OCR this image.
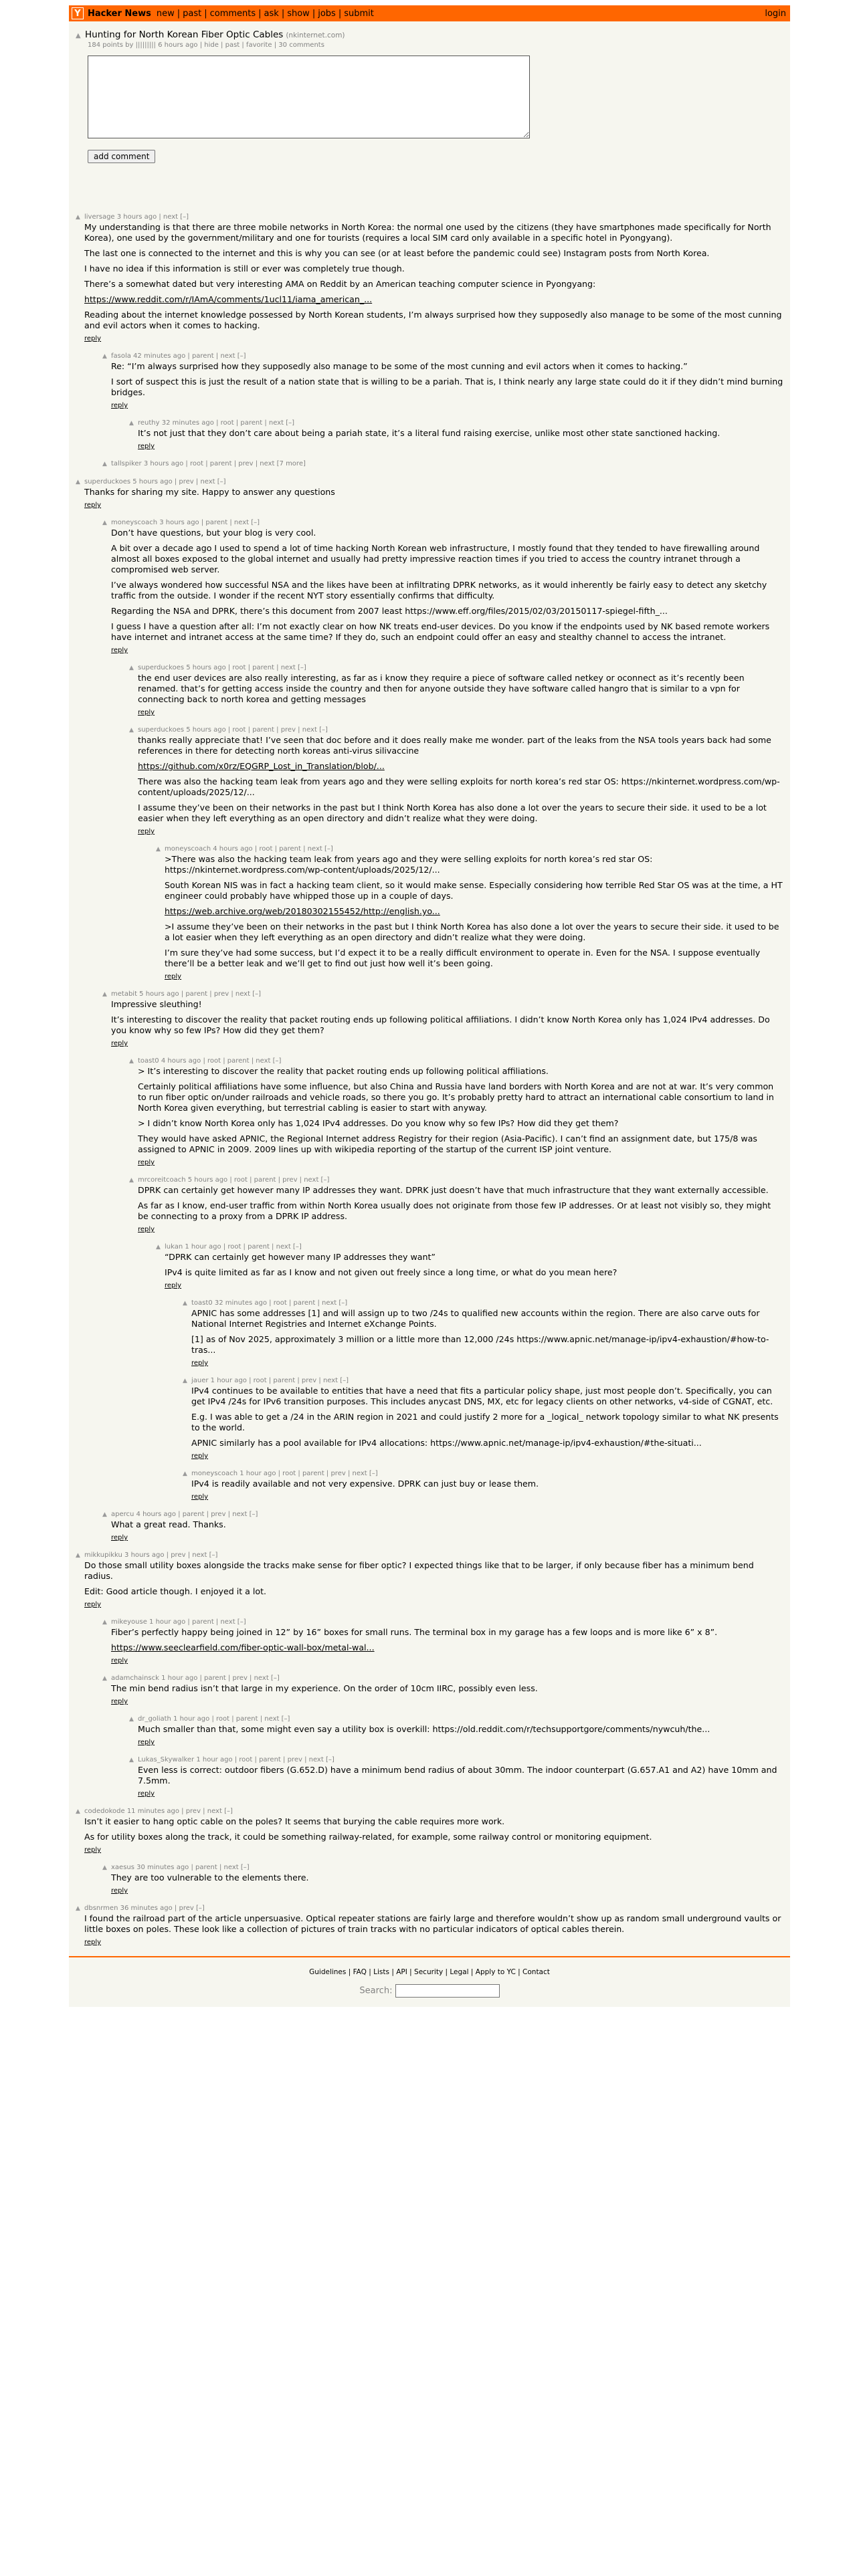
Y Hacker News new | past | comments | ask | show | jobs | submit	login
▲ Hunting for North Korean Fiber Optic Cables (nkinternet.com)
184 points by ||||||||| 6 hours ago | hide | past | favorite | 30 comments
add comment
▲ liversage 3 hours ago | next [–]

My understanding is that there are three mobile networks in North Korea: the normal one used by the citizens (they have smartphones made specifically for North Korea), one used by the government/military and one for tourists (requires a local SIM card only available in a specific hotel in Pyongyang).

The last one is connected to the internet and this is why you can see (or at least before the pandemic could see) Instagram posts from North Korea.

I have no idea if this information is still or ever was completely true though.

There’s a somewhat dated but very interesting AMA on Reddit by an American teaching computer science in Pyongyang:

https://www.reddit.com/r/IAmA/comments/1ucl11/iama_american_...

Reading about the internet knowledge possessed by North Korean students, I’m always surprised how they supposedly also manage to be some of the most cunning and evil actors when it comes to hacking.

reply
▲ fasola 42 minutes ago | parent | next [–]

Re: “I’m always surprised how they supposedly also manage to be some of the most cunning and evil actors when it comes to hacking.”

I sort of suspect this is just the result of a nation state that is willing to be a pariah. That is, I think nearly any large state could do it if they didn’t mind burning bridges.

reply
▲ reuthy 32 minutes ago | root | parent | next [–]

It’s not just that they don’t care about being a pariah state, it’s a literal fund raising exercise, unlike most other state sanctioned hacking.

reply
▲ tallspiker 3 hours ago | root | parent | prev | next [7 more]
▲ superduckoes 5 hours ago | prev | next [–]

Thanks for sharing my site. Happy to answer any questions

reply
▲ moneyscoach 3 hours ago | parent | next [–]

Don’t have questions, but your blog is very cool.

A bit over a decade ago I used to spend a lot of time hacking North Korean web infrastructure, I mostly found that they tended to have firewalling around almost all boxes exposed to the global internet and usually had pretty impressive reaction times if you tried to access the country intranet through a compromised web server.

I’ve always wondered how successful NSA and the likes have been at infiltrating DPRK networks, as it would inherently be fairly easy to detect any sketchy traffic from the outside. I wonder if the recent NYT story essentially confirms that difficulty.

Regarding the NSA and DPRK, there’s this document from 2007 least https://www.eff.org/files/2015/02/03/20150117-spiegel-fifth_...

I guess I have a question after all: I’m not exactly clear on how NK treats end-user devices. Do you know if the endpoints used by NK based remote workers have internet and intranet access at the same time? If they do, such an endpoint could offer an easy and stealthy channel to access the intranet.

reply
▲ superduckoes 5 hours ago | root | parent | next [–]

the end user devices are also really interesting, as far as i know they require a piece of software called netkey or oconnect as it’s recently been renamed. that’s for getting access inside the country and then for anyone outside they have software called hangro that is similar to a vpn for connecting back to north korea and getting messages

reply
▲ superduckoes 5 hours ago | root | parent | prev | next [–]

thanks really appreciate that! I’ve seen that doc before and it does really make me wonder. part of the leaks from the NSA tools years back had some references in there for detecting north koreas anti-virus silivaccine

https://github.com/x0rz/EQGRP_Lost_in_Translation/blob/...

There was also the hacking team leak from years ago and they were selling exploits for north korea’s red star OS: https://nkinternet.wordpress.com/wp-content/uploads/2025/12/...

I assume they’ve been on their networks in the past but I think North Korea has also done a lot over the years to secure their side. it used to be a lot easier when they left everything as an open directory and didn’t realize what they were doing.

reply
▲ moneyscoach 4 hours ago | root | parent | next [–]

>There was also the hacking team leak from years ago and they were selling exploits for north korea’s red star OS: https://nkinternet.wordpress.com/wp-content/uploads/2025/12/...

South Korean NIS was in fact a hacking team client, so it would make sense. Especially considering how terrible Red Star OS was at the time, a HT engineer could probably have whipped those up in a couple of days.

https://web.archive.org/web/20180302155452/http://english.yo...

>I assume they’ve been on their networks in the past but I think North Korea has also done a lot over the years to secure their side. it used to be a lot easier when they left everything as an open directory and didn’t realize what they were doing.

I’m sure they’ve had some success, but I’d expect it to be a really difficult environment to operate in. Even for the NSA. I suppose eventually there’ll be a better leak and we’ll get to find out just how well it’s been going.

reply
▲ metabit 5 hours ago | parent | prev | next [–]

Impressive sleuthing!

It’s interesting to discover the reality that packet routing ends up following political affiliations. I didn’t know North Korea only has 1,024 IPv4 addresses. Do you know why so few IPs? How did they get them?

reply
▲ toast0 4 hours ago | root | parent | next [–]

> It’s interesting to discover the reality that packet routing ends up following political affiliations.

Certainly political affiliations have some influence, but also China and Russia have land borders with North Korea and are not at war. It’s very common to run fiber optic on/under railroads and vehicle roads, so there you go. It’s probably pretty hard to attract an international cable consortium to land in North Korea given everything, but terrestrial cabling is easier to start with anyway.

> I didn’t know North Korea only has 1,024 IPv4 addresses. Do you know why so few IPs? How did they get them?

They would have asked APNIC, the Regional Internet address Registry for their region (Asia-Pacific). I can’t find an assignment date, but 175/8 was assigned to APNIC in 2009. 2009 lines up with wikipedia reporting of the startup of the current ISP joint venture.

reply
▲ mrcoreitcoach 5 hours ago | root | parent | prev | next [–]

DPRK can certainly get however many IP addresses they want. DPRK just doesn’t have that much infrastructure that they want externally accessible.

As far as I know, end-user traffic from within North Korea usually does not originate from those few IP addresses. Or at least not visibly so, they might be connecting to a proxy from a DPRK IP address.

reply
▲ lukan 1 hour ago | root | parent | next [–]

“DPRK can certainly get however many IP addresses they want”

IPv4 is quite limited as far as I know and not given out freely since a long time, or what do you mean here?

reply
▲ toast0 32 minutes ago | root | parent | next [–]

APNIC has some addresses [1] and will assign up to two /24s to qualified new accounts within the region. There are also carve outs for National Internet Registries and Internet eXchange Points.

[1] as of Nov 2025, approximately 3 million or a little more than 12,000 /24s https://www.apnic.net/manage-ip/ipv4-exhaustion/#how-to-tras...

reply
▲ jauer 1 hour ago | root | parent | prev | next [–]

IPv4 continues to be available to entities that have a need that fits a particular policy shape, just most people don’t. Specifically, you can get IPv4 /24s for IPv6 transition purposes. This includes anycast DNS, MX, etc for legacy clients on other networks, v4-side of CGNAT, etc.

E.g. I was able to get a /24 in the ARIN region in 2021 and could justify 2 more for a _logical_ network topology similar to what NK presents to the world.

APNIC similarly has a pool available for IPv4 allocations: https://www.apnic.net/manage-ip/ipv4-exhaustion/#the-situati...

reply
▲ moneyscoach 1 hour ago | root | parent | prev | next [–]

IPv4 is readily available and not very expensive. DPRK can just buy or lease them.

reply
▲ apercu 4 hours ago | parent | prev | next [–]

What a great read. Thanks.

reply
▲ mikkupikku 3 hours ago | prev | next [–]

Do those small utility boxes alongside the tracks make sense for fiber optic? I expected things like that to be larger, if only because fiber has a minimum bend radius.

Edit: Good article though. I enjoyed it a lot.

reply
▲ mikeyouse 1 hour ago | parent | next [–]

Fiber’s perfectly happy being joined in 12” by 16” boxes for small runs. The terminal box in my garage has a few loops and is more like 6” x 8”.

https://www.seeclearfield.com/fiber-optic-wall-box/metal-wal...

reply
▲ adamchainsck 1 hour ago | parent | prev | next [–]

The min bend radius isn’t that large in my experience. On the order of 10cm IIRC, possibly even less.

reply
▲ dr_goliath 1 hour ago | root | parent | next [–]

Much smaller than that, some might even say a utility box is overkill: https://old.reddit.com/r/techsupportgore/comments/nywcuh/the...

reply
▲ Lukas_Skywalker 1 hour ago | root | parent | prev | next [–]

Even less is correct: outdoor fibers (G.652.D) have a minimum bend radius of about 30mm. The indoor counterpart (G.657.A1 and A2) have 10mm and 7.5mm.

reply
▲ codedokode 11 minutes ago | prev | next [–]

Isn’t it easier to hang optic cable on the poles? It seems that burying the cable requires more work.

As for utility boxes along the track, it could be something railway-related, for example, some railway control or monitoring equipment.

reply
▲ xaesus 30 minutes ago | parent | next [–]

They are too vulnerable to the elements there.

reply
▲ dbsnrmen 36 minutes ago | prev [–]

I found the railroad part of the article unpersuasive. Optical repeater stations are fairly large and therefore wouldn’t show up as random small underground vaults or little boxes on poles. These look like a collection of pictures of train tracks with no particular indicators of optical cables therein.

reply
Guidelines | FAQ | Lists | API | Security | Legal | Apply to YC | Contact
Search:
